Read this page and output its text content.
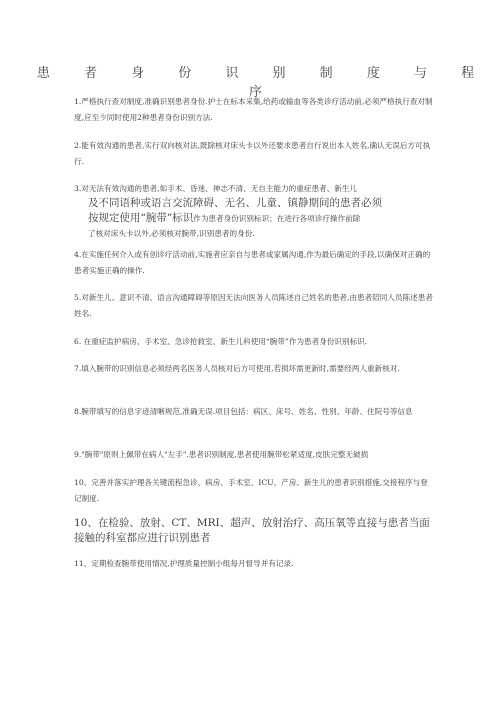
患 者 身 份 识 别 制 度 与 程 序

1.严格执行查对制度,准确识别患者身份.护士在标本采集,给药或输血等各类诊疗活动前,必须严格执行查对制度,应至少同时使用2种患者身份识别方法.

2.能有效沟通的患者,实行双向核对法,既除核对床头卡以外还要求患者自行说出本人姓名,确认无误后方可执行.

3.对无法有效沟通的患者,如手术、昏迷、神志不清、无自主能力的重症患者、新生儿
及不同语种或语言交流障碍、无名、儿童、镇静期间的患者必须
按规定使用“腕带”标识作为患者身份识别标识；在进行各项诊疗操作前除
了核对床头卡以外,必须核对腕带,识别患者的身份.

4.在实施任何介入或有创诊疗活动前,实施者应亲自与患者或家属沟通,作为最后确定的手段,以确保对正确的患者实施正确的操作.

5.对新生儿、意识不清、语言沟通障碍等原因无法向医务人员陈述自己姓名的患者,由患者陪同人员陈述患者姓名.

6. 在重症监护病房、手术室、急诊抢救室、新生儿科使用“腕带”作为患者身份识别标识.

7.填入腕带的识别信息必须经两名医务人员核对后方可使用,若损坏需更新时,需要经两人重新核对.

8.腕带填写的信息字迹清晰规范,准确无误.项目包括：病区、床号、姓名、性别、年龄、住院号等信息

9."腕带"原则上佩带在病人"左手".患者识别制度,患者使用腕带松紧适度,皮肤完整无破损

10、完善并落实护理各关键流程急诊、病房、手术室、ICU、产房、新生儿的患者识别措施,交接程序与登记制度.

10、在检验、放射、CT、MRI、超声、放射治疗、高压氧等直接与患者当面接触的科室都应进行识别患者

11、定期检查腕带使用情况,护理质量控制小组每月督导并有记录.
